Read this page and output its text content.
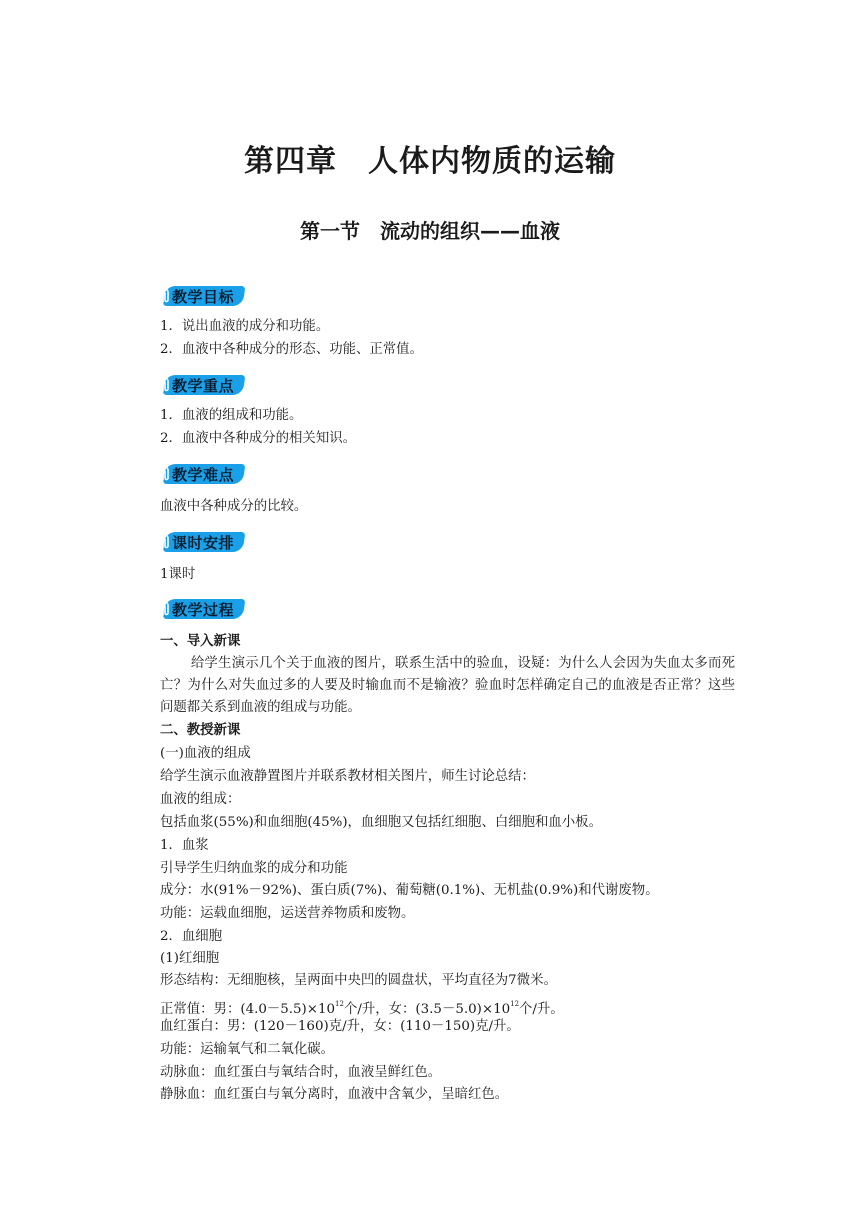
第四章　人体内物质的运输
第一节　流动的组织——血液
教学目标
1．说出血液的成分和功能。
2．血液中各种成分的形态、功能、正常值。
教学重点
1．血液的组成和功能。
2．血液中各种成分的相关知识。
教学难点
血液中各种成分的比较。
课时安排
1课时
教学过程
一、导入新课
给学生演示几个关于血液的图片，联系生活中的验血，设疑：为什么人会因为失血太多而死亡？为什么对失血过多的人要及时输血而不是输液？验血时怎样确定自己的血液是否正常？这些问题都关系到血液的组成与功能。
二、教授新课
(一)血液的组成
给学生演示血液静置图片并联系教材相关图片，师生讨论总结：
血液的组成：
包括血浆(55%)和血细胞(45%)，血细胞又包括红细胞、白细胞和血小板。
1．血浆
引导学生归纳血浆的成分和功能
成分：水(91%－92%)、蛋白质(7%)、葡萄糖(0.1%)、无机盐(0.9%)和代谢废物。
功能：运载血细胞，运送营养物质和废物。
2．血细胞
(1)红细胞
形态结构：无细胞核，呈两面中央凹的圆盘状，平均直径为7微米。
正常值：男：$(4.0-5.5)\times 10^{12}$个/升，女：$(3.5-5.0)\times 10^{12}$个/升。
血红蛋白：男：(120－160)克/升，女：(110－150)克/升。
功能：运输氧气和二氧化碳。
动脉血：血红蛋白与氧结合时，血液呈鲜红色。
静脉血：血红蛋白与氧分离时，血液中含氧少，呈暗红色。
